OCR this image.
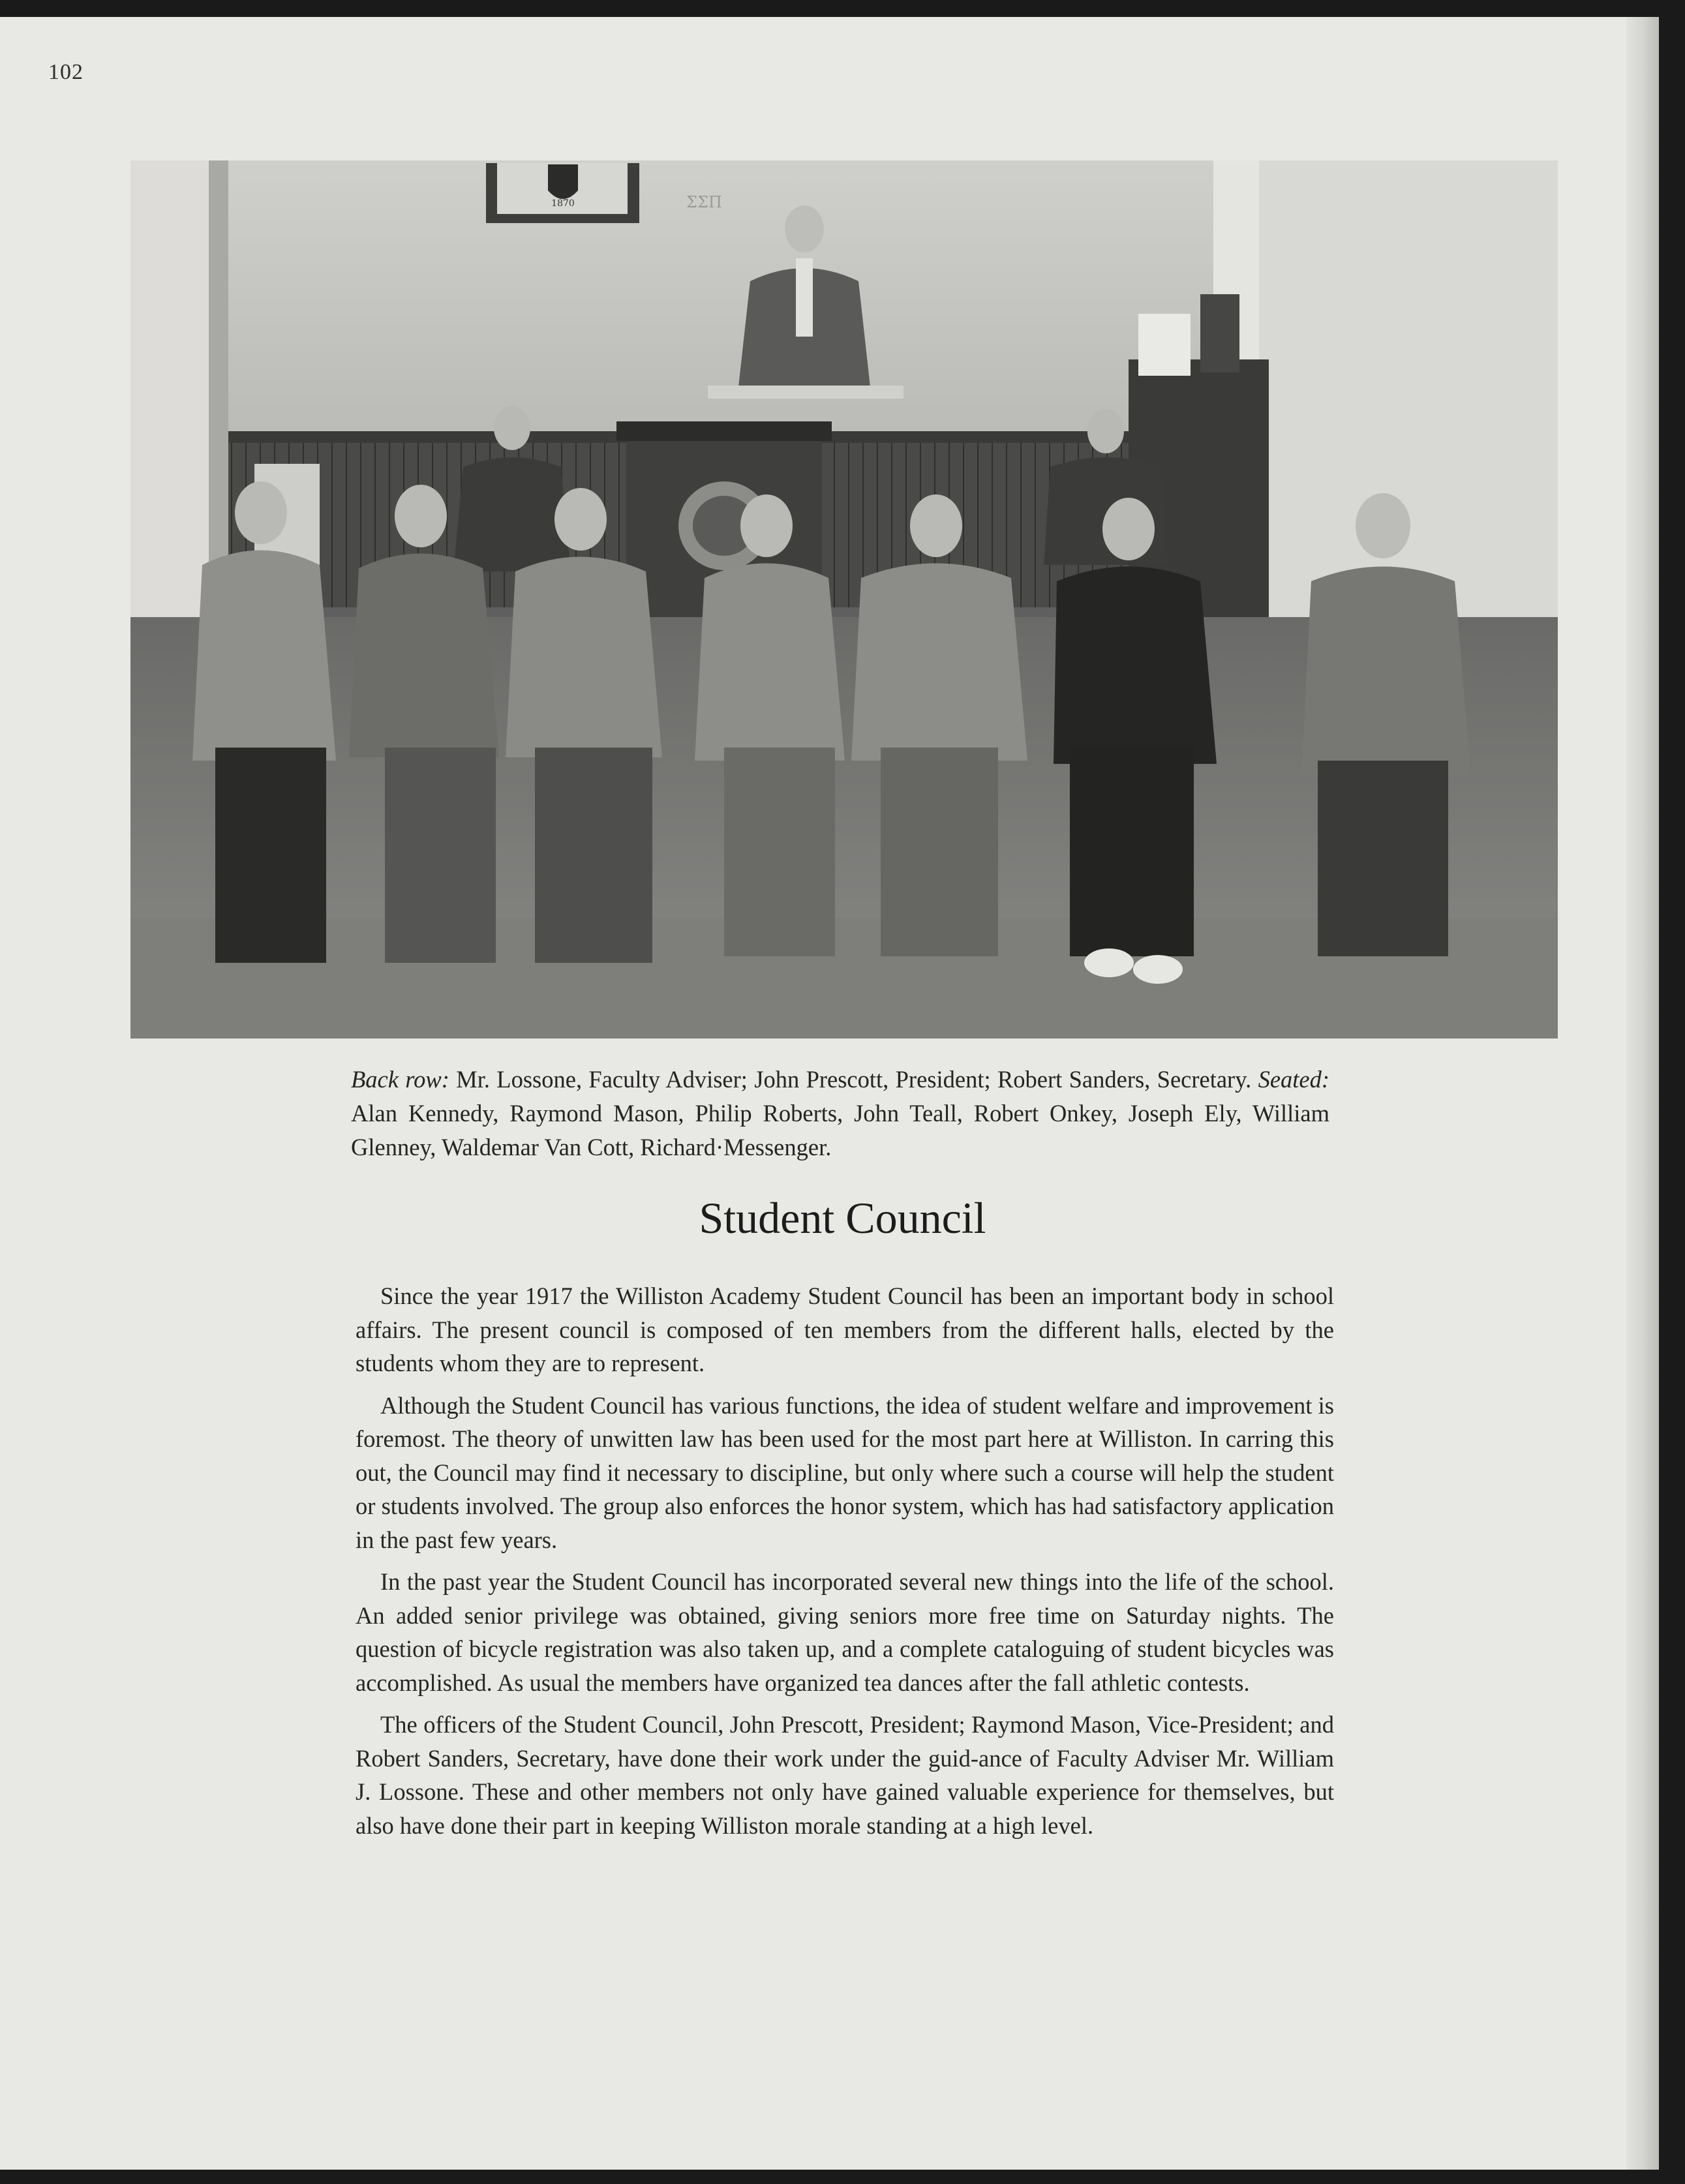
102
1870	ΣΣΠ
Back row: Mr. Lossone, Faculty Adviser; John Prescott, President; Robert Sanders, Secretary. Seated: Alan Kennedy, Raymond Mason, Philip Roberts, John Teall, Robert Onkey, Joseph Ely, William Glenney, Waldemar Van Cott, Richard·Messenger.
Student Council

Since the year 1917 the Williston Academy Student Council has been an important body in school affairs. The present council is composed of ten members from the different halls, elected by the students whom they are to represent.

Although the Student Council has various functions, the idea of student welfare and improvement is foremost. The theory of unwitten law has been used for the most part here at Williston. In carring this out, the Council may find it necessary to discipline, but only where such a course will help the student or students involved. The group also enforces the honor system, which has had satisfactory application in the past few years.

In the past year the Student Council has incorporated several new things into the life of the school. An added senior privilege was obtained, giving seniors more free time on Saturday nights. The question of bicycle registration was also taken up, and a complete cataloguing of student bicycles was accomplished. As usual the members have organized tea dances after the fall athletic contests.

The officers of the Student Council, John Prescott, President; Raymond Mason, Vice-President; and Robert Sanders, Secretary, have done their work under the guid-ance of Faculty Adviser Mr. William J. Lossone. These and other members not only have gained valuable experience for themselves, but also have done their part in keeping Williston morale standing at a high level.
